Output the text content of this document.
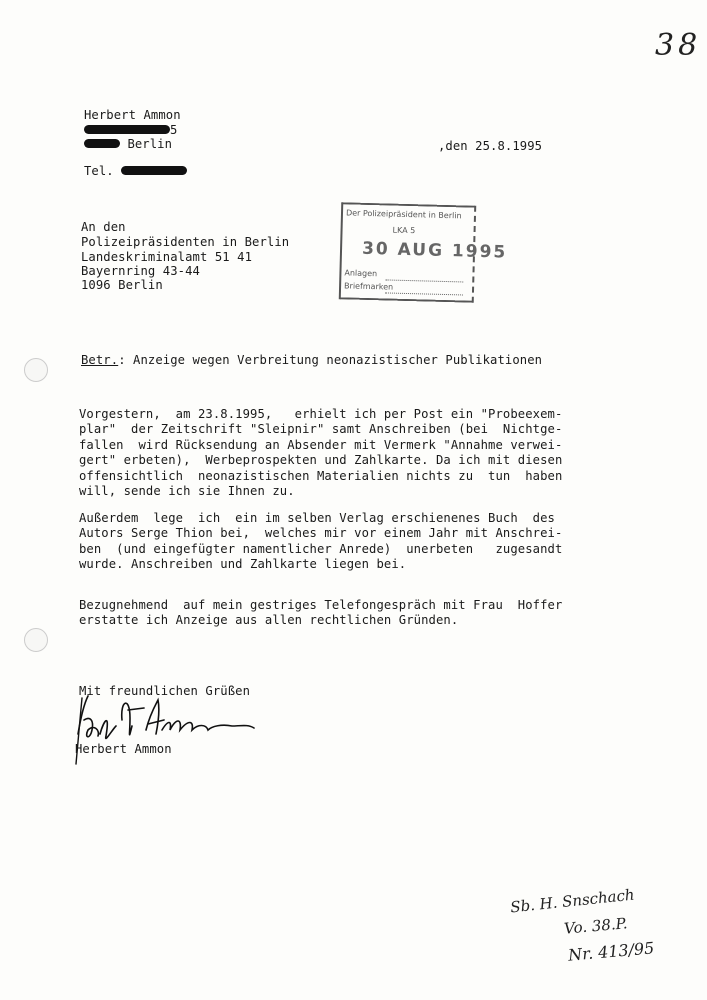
38
Herbert Ammon
5
Berlin
Tel.
,den 25.8.1995
An den
Polizeipräsidenten in Berlin
Landeskriminalamt 51 41
Bayernring 43-44
1096 Berlin
Der Polizeipräsident in Berlin
LKA 5
30 AUG 1995
Anlagen
Briefmarken
Betr.: Anzeige wegen Verbreitung neonazistischer Publikationen
Vorgestern,  am 23.8.1995,   erhielt ich per Post ein "Probeexem-
plar"  der Zeitschrift "Sleipnir" samt Anschreiben (bei  Nichtge-
fallen  wird Rücksendung an Absender mit Vermerk "Annahme verwei-
gert" erbeten),  Werbeprospekten und Zahlkarte. Da ich mit diesen
offensichtlich  neonazistischen Materialien nichts zu  tun  haben
will, sende ich sie Ihnen zu.
Außerdem  lege  ich  ein im selben Verlag erschienenes Buch  des
Autors Serge Thion bei,  welches mir vor einem Jahr mit Anschrei-
ben  (und eingefügter namentlicher Anrede)  unerbeten   zugesandt
wurde. Anschreiben und Zahlkarte liegen bei.
Bezugnehmend  auf mein gestriges Telefongespräch mit Frau  Hoffer
erstatte ich Anzeige aus allen rechtlichen Gründen.
Mit freundlichen Grüßen
Herbert Ammon
Sb. H. Snschach
Vo. 38.P.
Nr. 413/95
